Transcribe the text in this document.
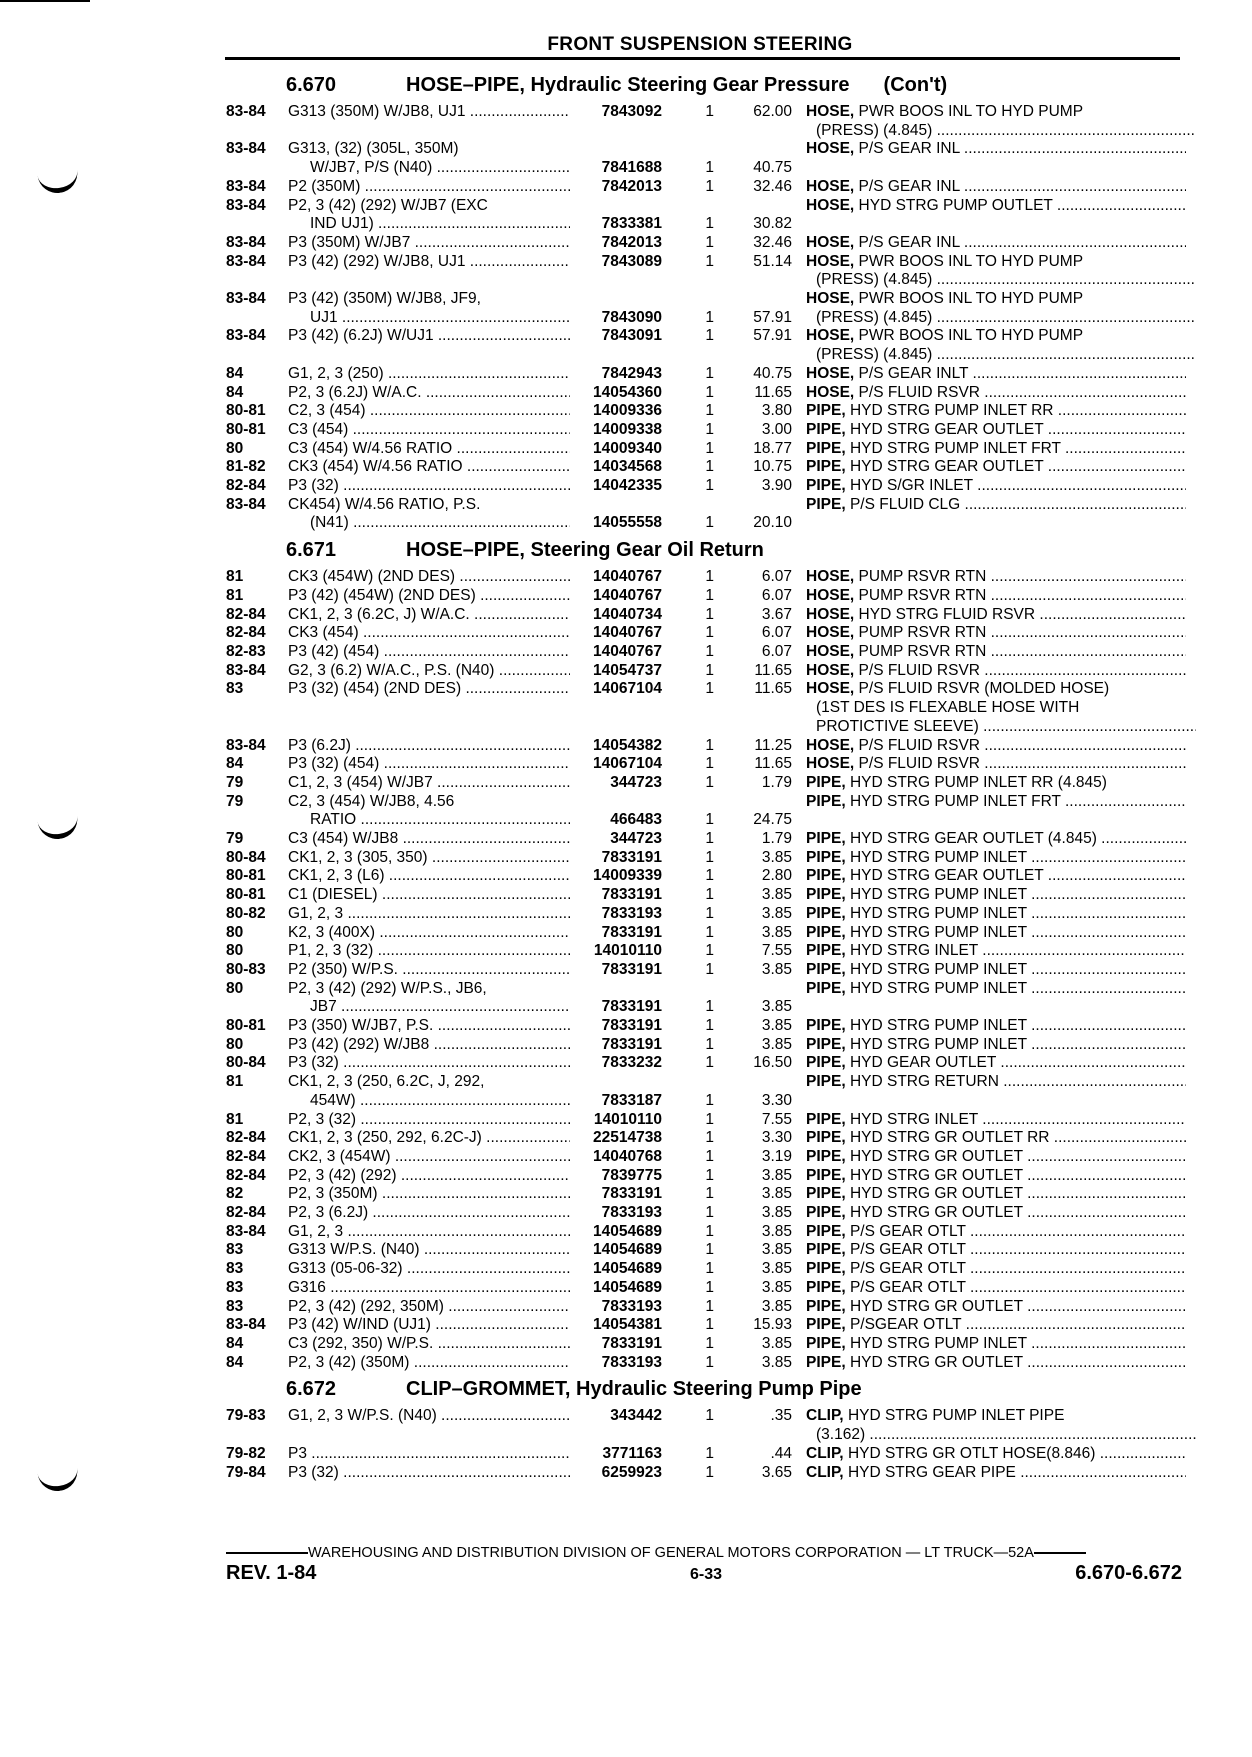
FRONT SUSPENSION STEERING
6.670	HOSE–PIPE, Hydraulic Steering Gear Pressure (Con't)
83-84	G313 (350M) W/JB8, UJ1 .....	7843092	1	62.00 HOSE, PWR BOOS INL TO HYD PUMP
(PRESS) (4.845) .....
83-84	G313, (32) (305L, 350M)	HOSE, P/S GEAR INL .....
W/JB7, P/S (N40) .....	7841688	1	40.75
83-84	P2 (350M) .....	7842013	1	32.46 HOSE, P/S GEAR INL .....
83-84	P2, 3 (42) (292) W/JB7 (EXC	HOSE, HYD STRG PUMP OUTLET .....
IND UJ1) .....	7833381	1	30.82
83-84	P3 (350M) W/JB7 .....	7842013	1	32.46 HOSE, P/S GEAR INL .....
83-84	P3 (42) (292) W/JB8, UJ1 .....	7843089	1	51.14 HOSE, PWR BOOS INL TO HYD PUMP
(PRESS) (4.845) .....
83-84	P3 (42) (350M) W/JB8, JF9,	HOSE, PWR BOOS INL TO HYD PUMP
UJ1 .....	7843090	1	57.91	(PRESS) (4.845) .....
83-84	P3 (42) (6.2J) W/UJ1 .....	7843091	1	57.91 HOSE, PWR BOOS INL TO HYD PUMP
(PRESS) (4.845) .....
84	G1, 2, 3 (250) .....	7842943	1	40.75 HOSE, P/S GEAR INLT .....
84	P2, 3 (6.2J) W/A.C. .....	14054360	1	11.65 HOSE, P/S FLUID RSVR .....
80-81	C2, 3 (454) .....	14009336	1	3.80 PIPE, HYD STRG PUMP INLET RR .....
80-81	C3 (454) .....	14009338	1	3.00 PIPE, HYD STRG GEAR OUTLET .....
80	C3 (454) W/4.56 RATIO .....	14009340	1	18.77 PIPE, HYD STRG PUMP INLET FRT .....
81-82	CK3 (454) W/4.56 RATIO .....	14034568	1	10.75 PIPE, HYD STRG GEAR OUTLET .....
82-84	P3 (32) .....	14042335	1	3.90 PIPE, HYD S/GR INLET .....
83-84	CK454) W/4.56 RATIO, P.S.	PIPE, P/S FLUID CLG .....
(N41) .....	14055558	1	20.10
6.671	HOSE–PIPE, Steering Gear Oil Return
81	CK3 (454W) (2ND DES) .....	14040767	1	6.07 HOSE, PUMP RSVR RTN .....
81	P3 (42) (454W) (2ND DES) .....	14040767	1	6.07 HOSE, PUMP RSVR RTN .....
82-84	CK1, 2, 3 (6.2C, J) W/A.C. .....	14040734	1	3.67 HOSE, HYD STRG FLUID RSVR .....
82-84	CK3 (454) .....	14040767	1	6.07 HOSE, PUMP RSVR RTN .....
82-83	P3 (42) (454) .....	14040767	1	6.07 HOSE, PUMP RSVR RTN .....
83-84	G2, 3 (6.2) W/A.C., P.S. (N40) .....	14054737	1	11.65 HOSE, P/S FLUID RSVR .....
83	P3 (32) (454) (2ND DES) .....	14067104	1	11.65 HOSE, P/S FLUID RSVR (MOLDED HOSE)
(1ST DES IS FLEXABLE HOSE WITH
PROTICTIVE SLEEVE) .....
83-84	P3 (6.2J) .....	14054382	1	11.25 HOSE, P/S FLUID RSVR .....
84	P3 (32) (454) .....	14067104	1	11.65 HOSE, P/S FLUID RSVR .....
79	C1, 2, 3 (454) W/JB7 .....	344723	1	1.79 PIPE, HYD STRG PUMP INLET RR (4.845)
79	C2, 3 (454) W/JB8, 4.56	PIPE, HYD STRG PUMP INLET FRT .....
RATIO .....	466483	1	24.75
79	C3 (454) W/JB8 .....	344723	1	1.79 PIPE, HYD STRG GEAR OUTLET (4.845) .....
80-84	CK1, 2, 3 (305, 350) .....	7833191	1	3.85 PIPE, HYD STRG PUMP INLET .....
80-81	CK1, 2, 3 (L6) .....	14009339	1	2.80 PIPE, HYD STRG GEAR OUTLET .....
80-81	C1 (DIESEL) .....	7833191	1	3.85 PIPE, HYD STRG PUMP INLET .....
80-82	G1, 2, 3 .....	7833193	1	3.85 PIPE, HYD STRG PUMP INLET .....
80	K2, 3 (400X) .....	7833191	1	3.85 PIPE, HYD STRG PUMP INLET .....
80	P1, 2, 3 (32) .....	14010110	1	7.55 PIPE, HYD STRG INLET .....
80-83	P2 (350) W/P.S. .....	7833191	1	3.85 PIPE, HYD STRG PUMP INLET .....
80	P2, 3 (42) (292) W/P.S., JB6,	PIPE, HYD STRG PUMP INLET .....
JB7 .....	7833191	1	3.85
80-81	P3 (350) W/JB7, P.S. .....	7833191	1	3.85 PIPE, HYD STRG PUMP INLET .....
80	P3 (42) (292) W/JB8 .....	7833191	1	3.85 PIPE, HYD STRG PUMP INLET .....
80-84	P3 (32) .....	7833232	1	16.50 PIPE, HYD GEAR OUTLET .....
81	CK1, 2, 3 (250, 6.2C, J, 292,	PIPE, HYD STRG RETURN .....
454W) .....	7833187	1	3.30
81	P2, 3 (32) .....	14010110	1	7.55 PIPE, HYD STRG INLET .....
82-84	CK1, 2, 3 (250, 292, 6.2C-J) .....	22514738	1	3.30 PIPE, HYD STRG GR OUTLET RR .....
82-84	CK2, 3 (454W) .....	14040768	1	3.19 PIPE, HYD STRG GR OUTLET .....
82-84	P2, 3 (42) (292) .....	7839775	1	3.85 PIPE, HYD STRG GR OUTLET .....
82	P2, 3 (350M) .....	7833191	1	3.85 PIPE, HYD STRG GR OUTLET .....
82-84	P2, 3 (6.2J) .....	7833193	1	3.85 PIPE, HYD STRG GR OUTLET .....
83-84	G1, 2, 3 .....	14054689	1	3.85 PIPE, P/S GEAR OTLT .....
83	G313 W/P.S. (N40) .....	14054689	1	3.85 PIPE, P/S GEAR OTLT .....
83	G313 (05-06-32) .....	14054689	1	3.85 PIPE, P/S GEAR OTLT .....
83	G316 .....	14054689	1	3.85 PIPE, P/S GEAR OTLT .....
83	P2, 3 (42) (292, 350M) .....	7833193	1	3.85 PIPE, HYD STRG GR OUTLET .....
83-84	P3 (42) W/IND (UJ1) .....	14054381	1	15.93 PIPE, P/SGEAR OTLT .....
84	C3 (292, 350) W/P.S. .....	7833191	1	3.85 PIPE, HYD STRG PUMP INLET .....
84	P2, 3 (42) (350M) .....	7833193	1	3.85 PIPE, HYD STRG GR OUTLET .....
6.672	CLIP–GROMMET, Hydraulic Steering Pump Pipe
79-83	G1, 2, 3 W/P.S. (N40) .....	343442	1	.35 CLIP, HYD STRG PUMP INLET PIPE
(3.162) .....
79-82	P3 .....	3771163	1	.44 CLIP, HYD STRG GR OTLT HOSE(8.846) .....
79-84	P3 (32) .....	6259923	1	3.65 CLIP, HYD STRG GEAR PIPE .....
WAREHOUSING AND DISTRIBUTION DIVISION OF GENERAL MOTORS CORPORATION — LT TRUCK—52A
REV. 1-84	6-33	6.670-6.672
